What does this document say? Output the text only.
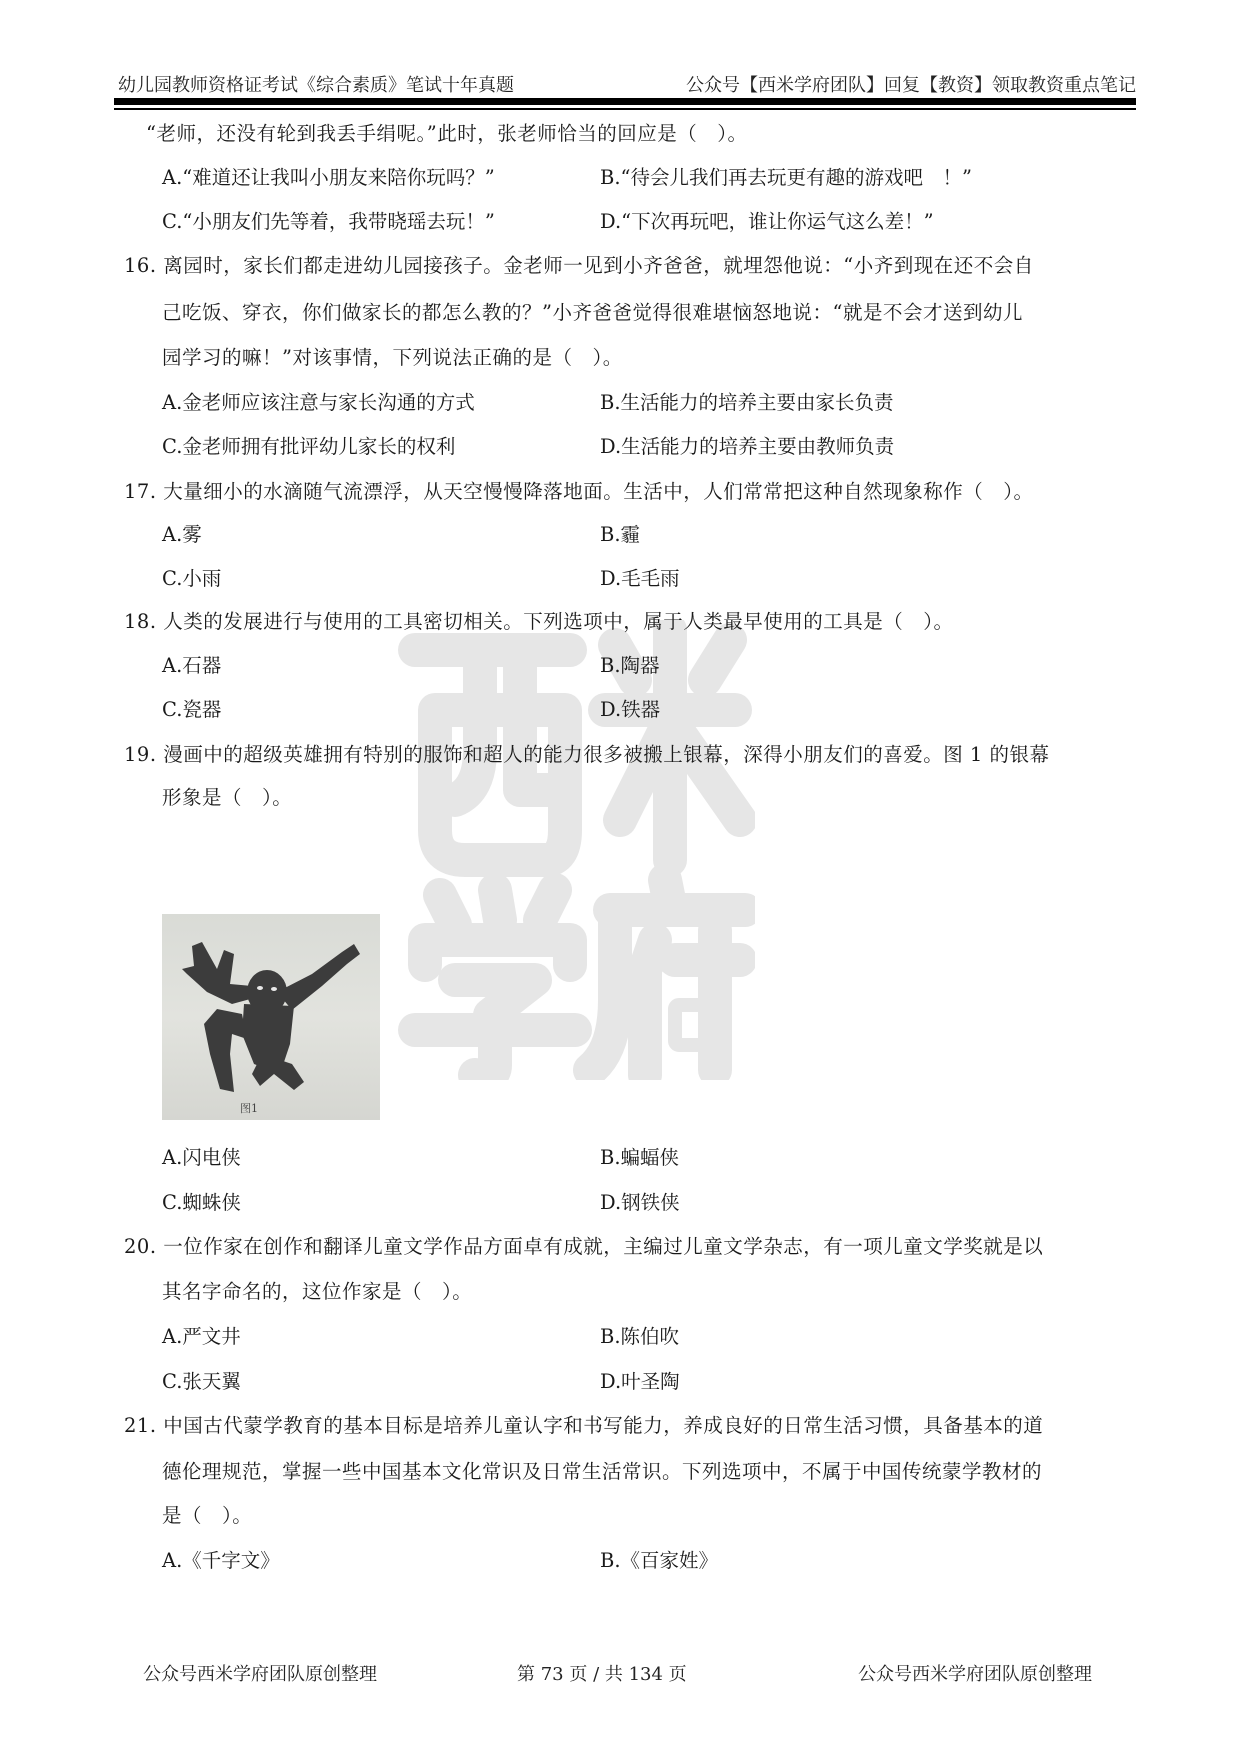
幼儿园教师资格证考试《综合素质》笔试十年真题	公众号【西米学府团队】回复【教资】领取教资重点笔记
“老师，还没有轮到我丢手绢呢。”此时，张老师恰当的回应是（　）。
A.“难道还让我叫小朋友来陪你玩吗？”	B.“待会儿我们再去玩更有趣的游戏吧　！”
C.“小朋友们先等着，我带晓瑶去玩！”	D.“下次再玩吧，谁让你运气这么差！”
16. 离园时，家长们都走进幼儿园接孩子。金老师一见到小齐爸爸，就埋怨他说：“小齐到现在还不会自
己吃饭、穿衣，你们做家长的都怎么教的？”小齐爸爸觉得很难堪恼怒地说：“就是不会才送到幼儿
园学习的嘛！”对该事情，下列说法正确的是（　）。
A.金老师应该注意与家长沟通的方式	B.生活能力的培养主要由家长负责
C.金老师拥有批评幼儿家长的权利	D.生活能力的培养主要由教师负责
17. 大量细小的水滴随气流漂浮，从天空慢慢降落地面。生活中，人们常常把这种自然现象称作（　）。
A.雾	B.霾
C.小雨	D.毛毛雨
18. 人类的发展进行与使用的工具密切相关。下列选项中，属于人类最早使用的工具是（　）。
A.石器	B.陶器
C.瓷器	D.铁器
19. 漫画中的超级英雄拥有特别的服饰和超人的能力很多被搬上银幕，深得小朋友们的喜爱。图 1 的银幕
形象是（　）。
图1
A.闪电侠	B.蝙蝠侠
C.蜘蛛侠	D.钢铁侠
20. 一位作家在创作和翻译儿童文学作品方面卓有成就，主编过儿童文学杂志，有一项儿童文学奖就是以
其名字命名的，这位作家是（　）。
A.严文井	B.陈伯吹
C.张天翼	D.叶圣陶
21. 中国古代蒙学教育的基本目标是培养儿童认字和书写能力，养成良好的日常生活习惯，具备基本的道
德伦理规范，掌握一些中国基本文化常识及日常生活常识。下列选项中，不属于中国传统蒙学教材的
是（　）。
A.《千字文》	B.《百家姓》
公众号西米学府团队原创整理	第 73 页 / 共 134 页	公众号西米学府团队原创整理
